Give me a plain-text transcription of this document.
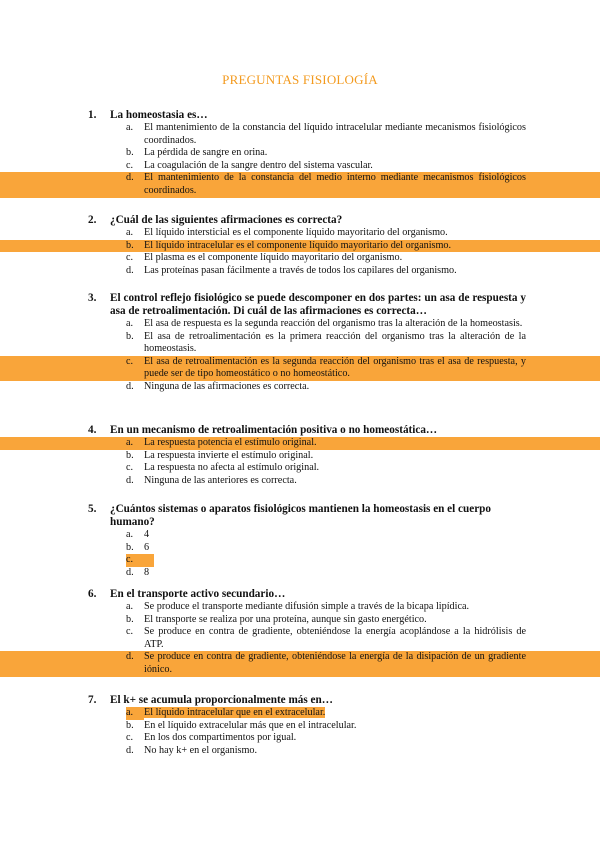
PREGUNTAS FISIOLOGÍA
1. La homeostasia es…
a. El mantenimiento de la constancia del líquido intracelular mediante mecanismos fisiológicos coordinados.
b. La pérdida de sangre en orina.
c. La coagulación de la sangre dentro del sistema vascular.
d. El mantenimiento de la constancia del medio interno mediante mecanismos fisiológicos coordinados.
2. ¿Cuál de las siguientes afirmaciones es correcta?
a. El líquido intersticial es el componente líquido mayoritario del organismo.
b. El líquido intracelular es el componente líquido mayoritario del organismo.
c. El plasma es el componente líquido mayoritario del organismo.
d. Las proteínas pasan fácilmente a través de todos los capilares del organismo.
3. El control reflejo fisiológico se puede descomponer en dos partes: un asa de respuesta y asa de retroalimentación. Di cuál de las afirmaciones es correcta…
a. El asa de respuesta es la segunda reacción del organismo tras la alteración de la homeostasis.
b. El asa de retroalimentación es la primera reacción del organismo tras la alteración de la homeostasis.
c. El asa de retroalimentación es la segunda reacción del organismo tras el asa de respuesta, y puede ser de tipo homeostático o no homeostático.
d. Ninguna de las afirmaciones es correcta.
4. En un mecanismo de retroalimentación positiva o no homeostática…
a. La respuesta potencia el estímulo original.
b. La respuesta invierte el estímulo original.
c. La respuesta no afecta al estímulo original.
d. Ninguna de las anteriores es correcta.
5. ¿Cuántos sistemas o aparatos fisiológicos mantienen la homeostasis en el cuerpo humano?
a. 4
b. 6
c.
d. 8
6. En el transporte activo secundario…
a. Se produce el transporte mediante difusión simple a través de la bicapa lipídica.
b. El transporte se realiza por una proteína, aunque sin gasto energético.
c. Se produce en contra de gradiente, obteniéndose la energía acoplándose a la hidrólisis de ATP.
d. Se produce en contra de gradiente, obteniéndose la energía de la disipación de un gradiente iónico.
7. El k+ se acumula proporcionalmente más en…
a.	El líquido intracelular que en el extracelular.
b. En el líquido extracelular más que en el intracelular.
c. En los dos compartimentos por igual.
d. No hay k+ en el organismo.
